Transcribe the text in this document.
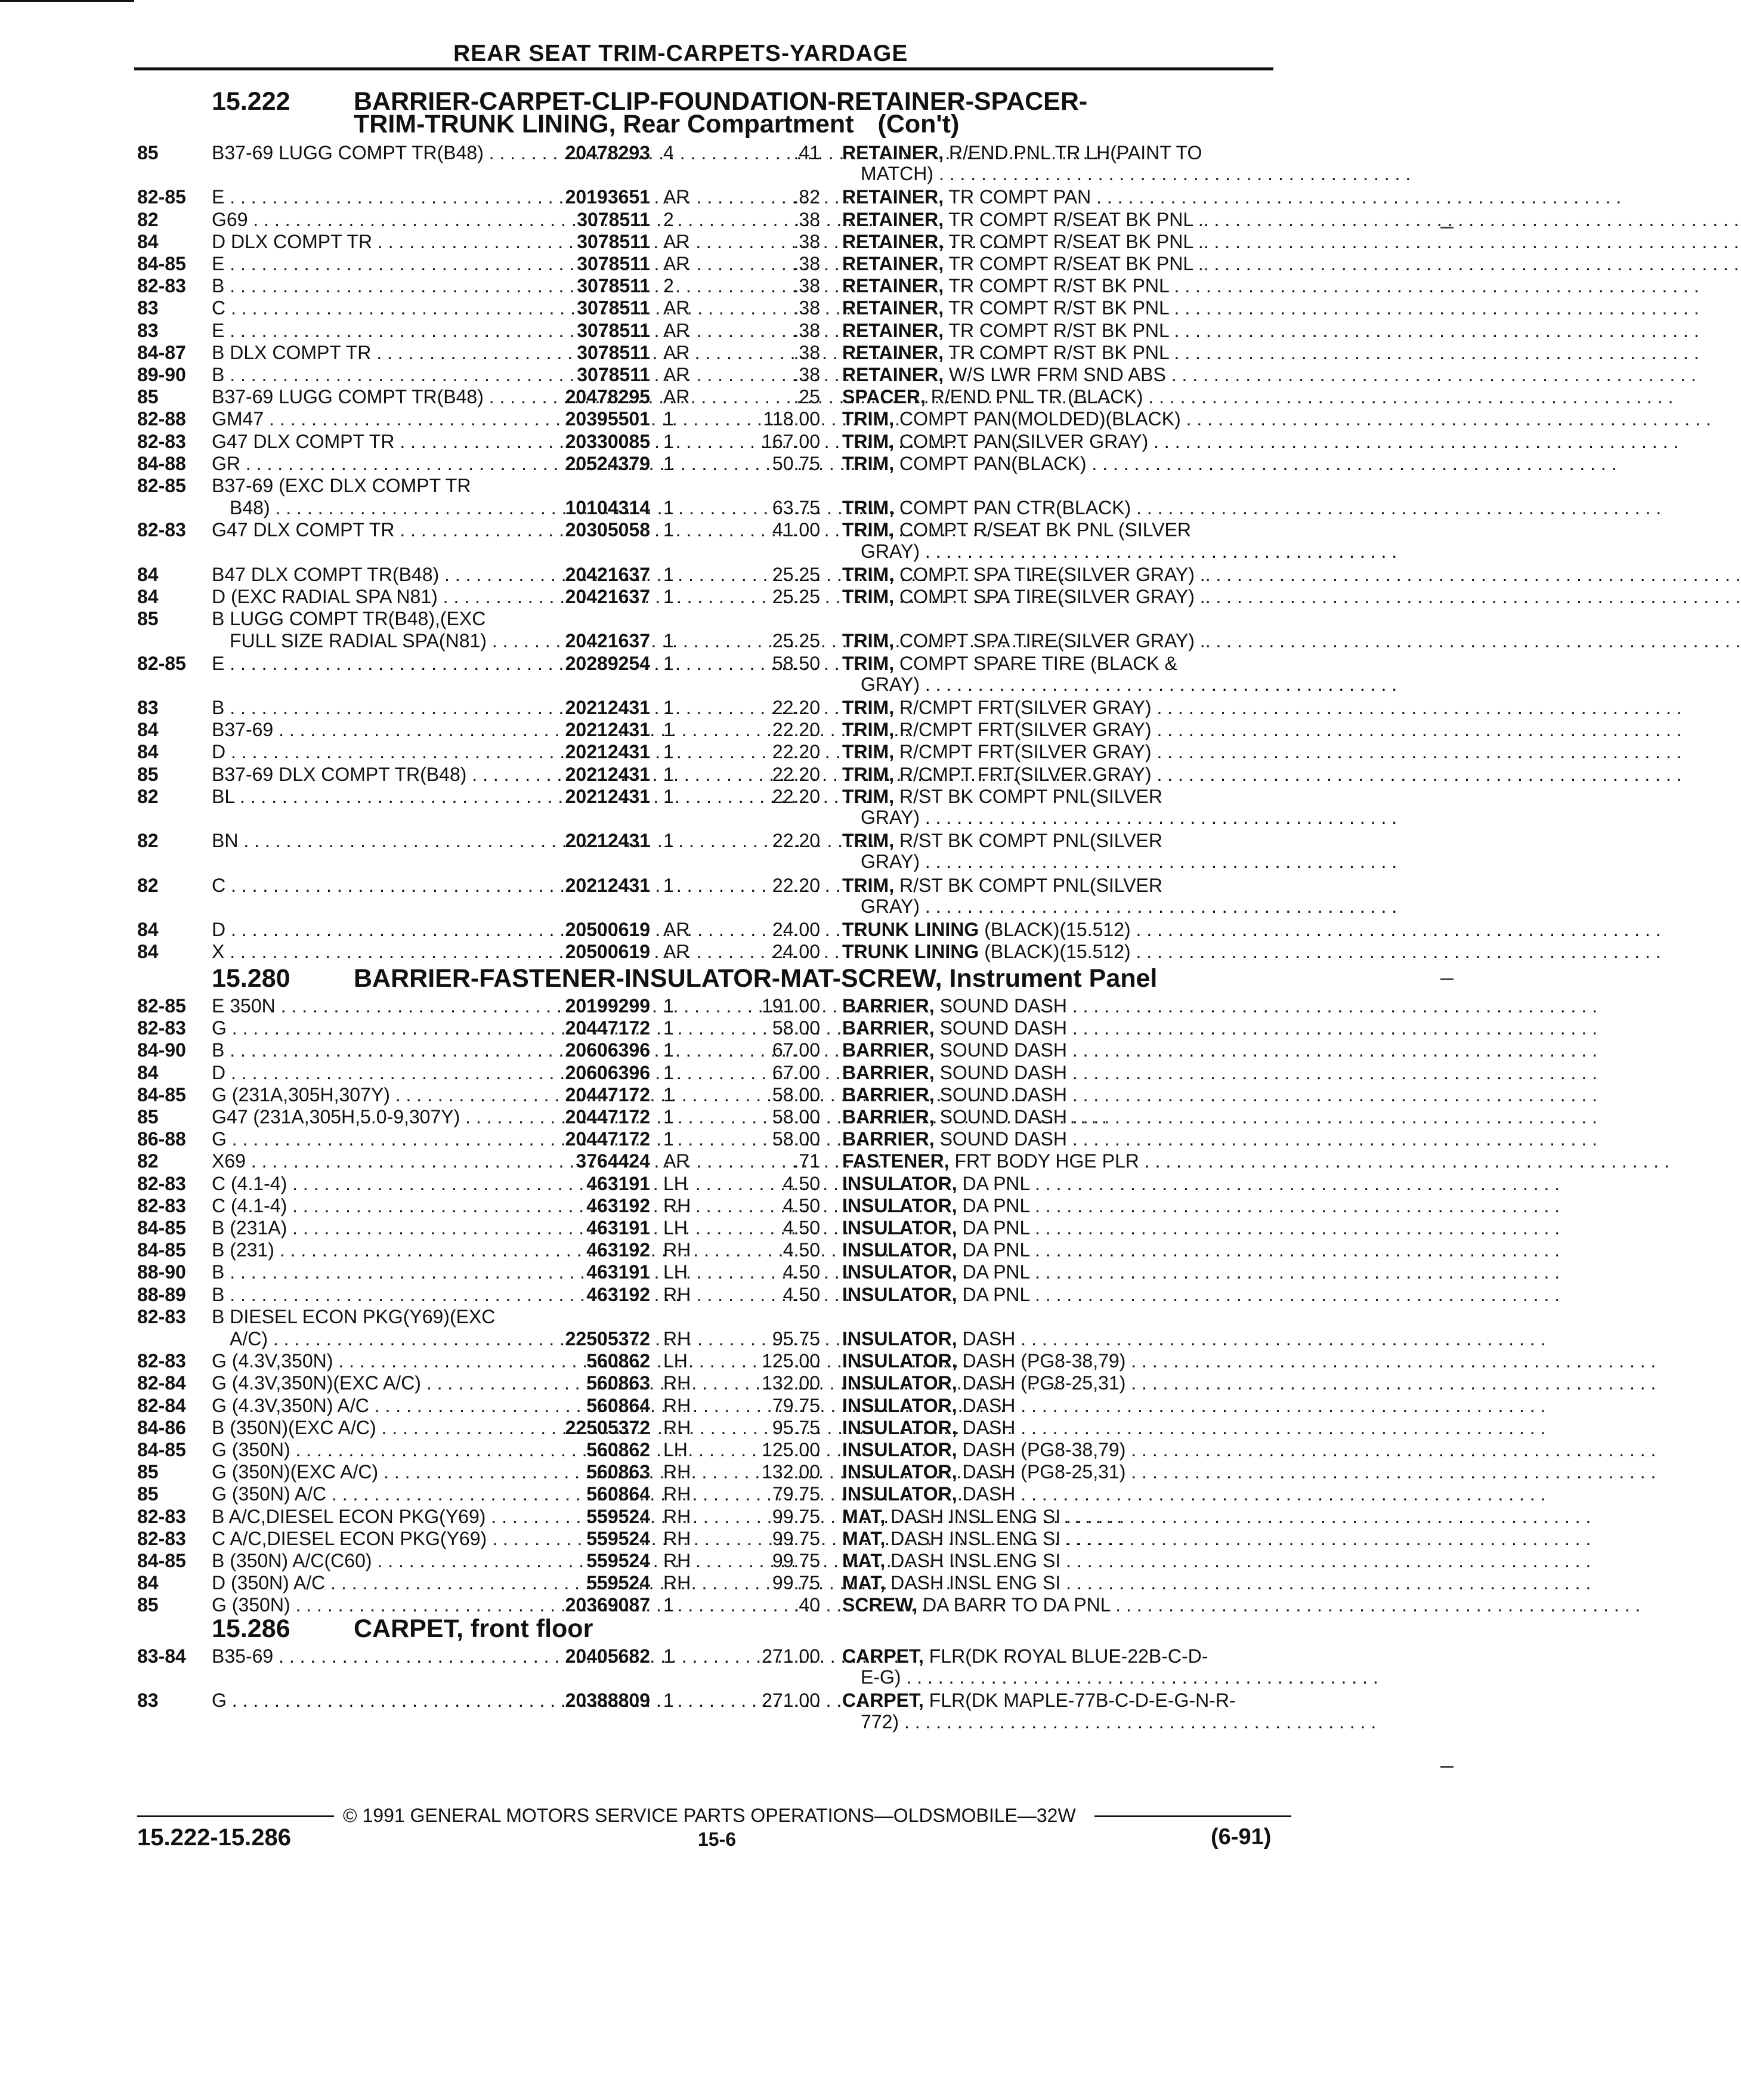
REAR SEAT TRIM-CARPETS-YARDAGE
15.222 BARRIER-CARPET-CLIP-FOUNDATION-RETAINER-SPACER-
TRIM-TRUNK LINING, Rear Compartment (Con't)
85	B37-69 LUGG COMPT TR(B48) . . .	20478293 4	.41 RETAINER, R/END PNL TR LH(PAINT TO
MATCH) . . . . . . . . . . . . . . . . . . . . . . . . . . . . . . . . . . . . . . . . . . . . .
82-85 E . . .	20193651 AR	.82 RETAINER, TR COMPT PAN . . .
82	G69 . . .	3078511 2	.38 RETAINER, TR COMPT R/SEAT BK PNL .. . . .
84	D DLX COMPT TR . . .	3078511 AR	.38 RETAINER, TR COMPT R/SEAT BK PNL .. . . .
84-85 E . . .	3078511 AR	.38 RETAINER, TR COMPT R/SEAT BK PNL .. . . .
82-83 B . . .	3078511 2	.38 RETAINER, TR COMPT R/ST BK PNL . . .
83	C . . .	3078511 AR	.38 RETAINER, TR COMPT R/ST BK PNL . . .
83	E . . .	3078511 AR	.38 RETAINER, TR COMPT R/ST BK PNL . . .
84-87 B DLX COMPT TR . . .	3078511 AR	.38 RETAINER, TR COMPT R/ST BK PNL . . .
89-90 B . . .	3078511 AR	.38 RETAINER, W/S LWR FRM SND ABS . . .
85	B37-69 LUGG COMPT TR(B48) . . .	20478295 AR	.25 SPACER, R/END PNL TR (BLACK) . . .
82-88 GM47 . . .	20395501 1	118.00 TRIM, COMPT PAN(MOLDED)(BLACK) . . .
82-83 G47 DLX COMPT TR . . .	20330085 1	167.00 TRIM, COMPT PAN(SILVER GRAY) . . .
84-88 GR . . .	20524379 1	50.75 TRIM, COMPT PAN(BLACK) . . .
82-85 B37-69 (EXC DLX COMPT TR
B48) . . .	10104314 1	63.75 TRIM, COMPT PAN CTR(BLACK) . . .
82-83 G47 DLX COMPT TR . . .	20305058 1	41.00 TRIM, COMPT R/SEAT BK PNL (SILVER
GRAY) . . . . . . . . . . . . . . . . . . . . . . . . . . . . . . . . . . . . . . . . . . . . .
84	B47 DLX COMPT TR(B48) . . .	20421637 1	25.25 TRIM, COMPT SPA TIRE(SILVER GRAY) .. . . .
84	D (EXC RADIAL SPA N81) . . .	20421637 1	25.25 TRIM, COMPT SPA TIRE(SILVER GRAY) .. . . .
85	B LUGG COMPT TR(B48),(EXC
FULL SIZE RADIAL SPA(N81) . . .	20421637 1	25.25 TRIM, COMPT SPA TIRE(SILVER GRAY) .. . . .
82-85 E . . .	20289254 1	58.50 TRIM, COMPT SPARE TIRE (BLACK &
GRAY) . . . . . . . . . . . . . . . . . . . . . . . . . . . . . . . . . . . . . . . . . . . . .
83	B . . .	20212431 1	22.20 TRIM, R/CMPT FRT(SILVER GRAY) . . .
84	B37-69 . . .	20212431 1	22.20 TRIM, R/CMPT FRT(SILVER GRAY) . . .
84	D . . .	20212431 1	22.20 TRIM, R/CMPT FRT(SILVER GRAY) . . .
85	B37-69 DLX COMPT TR(B48) . . . .	20212431 1	22.20 TRIM, R/CMPT FRT(SILVER GRAY) . . .
82	BL . . .	20212431 1	22.20 TRIM, R/ST BK COMPT PNL(SILVER
GRAY) . . . . . . . . . . . . . . . . . . . . . . . . . . . . . . . . . . . . . . . . . . . . .
82	BN . . .	20212431 1	22.20 TRIM, R/ST BK COMPT PNL(SILVER
GRAY) . . . . . . . . . . . . . . . . . . . . . . . . . . . . . . . . . . . . . . . . . . . . .
82	C . . .	20212431 1	22.20 TRIM, R/ST BK COMPT PNL(SILVER
GRAY) . . . . . . . . . . . . . . . . . . . . . . . . . . . . . . . . . . . . . . . . . . . . .
84	D . . .	20500619 AR	24.00 TRUNK LINING (BLACK)(15.512) . . .
84	X . . .	20500619 AR	24.00 TRUNK LINING (BLACK)(15.512) . . .
15.280 BARRIER-FASTENER-INSULATOR-MAT-SCREW, Instrument Panel
82-85 E 350N . . .	20199299 1	191.00 BARRIER, SOUND DASH . . .
82-83 G . . .	20447172 1	58.00 BARRIER, SOUND DASH . . .
84-90 B . . .	20606396 1	67.00 BARRIER, SOUND DASH . . .
84	D . . .	20606396 1	67.00 BARRIER, SOUND DASH . . .
84-85 G (231A,305H,307Y) . . .	20447172 1	58.00 BARRIER, SOUND DASH . . .
85	G47 (231A,305H,5.0-9,307Y) . . . .	20447172 1	58.00 BARRIER, SOUND DASH . . .
86-88 G . . .	20447172 1	58.00 BARRIER, SOUND DASH . . .
82	X69 . . .	3764424 AR	.71 FASTENER, FRT BODY HGE PLR . . .
82-83 C (4.1-4) . . .	463191 LH	4.50 INSULATOR, DA PNL . . .
82-83 C (4.1-4) . . .	463192 RH	4.50 INSULATOR, DA PNL . . .
84-85 B (231A) . . .	463191 LH	4.50 INSULATOR, DA PNL . . .
84-85 B (231) . . .	463192 RH	4.50 INSULATOR, DA PNL . . .
88-90 B . . .	463191 LH	4.50 INSULATOR, DA PNL . . .
88-89 B . . .	463192 RH	4.50 INSULATOR, DA PNL . . .
82-83 B DIESEL ECON PKG(Y69)(EXC
A/C) . . .	22505372 RH	95.75 INSULATOR, DASH . . .
82-83 G (4.3V,350N) . . .	560862 LH	125.00 INSULATOR, DASH (PG8-38,79) . . .
82-84 G (4.3V,350N)(EXC A/C) . . .	560863 RH	132.00 INSULATOR, DASH (PG8-25,31) . . .
82-84 G (4.3V,350N) A/C . . .	560864 RH	79.75 INSULATOR, DASH . . .
84-86 B (350N)(EXC A/C) . . .	22505372 RH	95.75 INSULATOR, DASH . . .
84-85 G (350N) . . .	560862 LH	125.00 INSULATOR, DASH (PG8-38,79) . . .
85	G (350N)(EXC A/C) . . .	560863 RH	132.00 INSULATOR, DASH (PG8-25,31) . . .
85	G (350N) A/C . . .	560864 RH	79.75 INSULATOR, DASH . . .
82-83 B A/C,DIESEL ECON PKG(Y69) . . .	559524 RH	99.75 MAT, DASH INSL ENG SI . . .
82-83 C A/C,DIESEL ECON PKG(Y69) . . .	559524 RH	99.75 MAT, DASH INSL ENG SI . . .
84-85 B (350N) A/C(C60) . . .	559524 RH	99.75 MAT, DASH INSL ENG SI . . .
84	D (350N) A/C . . .	559524 RH	99.75 MAT, DASH INSL ENG SI . . .
85	G (350N) . . .	20369087 1	.40 SCREW, DA BARR TO DA PNL . . .
15.286 CARPET, front floor
83-84 B35-69 . . .	20405682 1	271.00 CARPET, FLR(DK ROYAL BLUE-22B-C-D-
E-G) . . . . . . . . . . . . . . . . . . . . . . . . . . . . . . . . . . . . . . . . . . . . .
83	G . . .	20388809 1	271.00 CARPET, FLR(DK MAPLE-77B-C-D-E-G-N-R-
772) . . . . . . . . . . . . . . . . . . . . . . . . . . . . . . . . . . . . . . . . . . . . .
© 1991 GENERAL MOTORS SERVICE PARTS OPERATIONS—OLDSMOBILE—32W
15.222-15.286	15-6	(6-91)
